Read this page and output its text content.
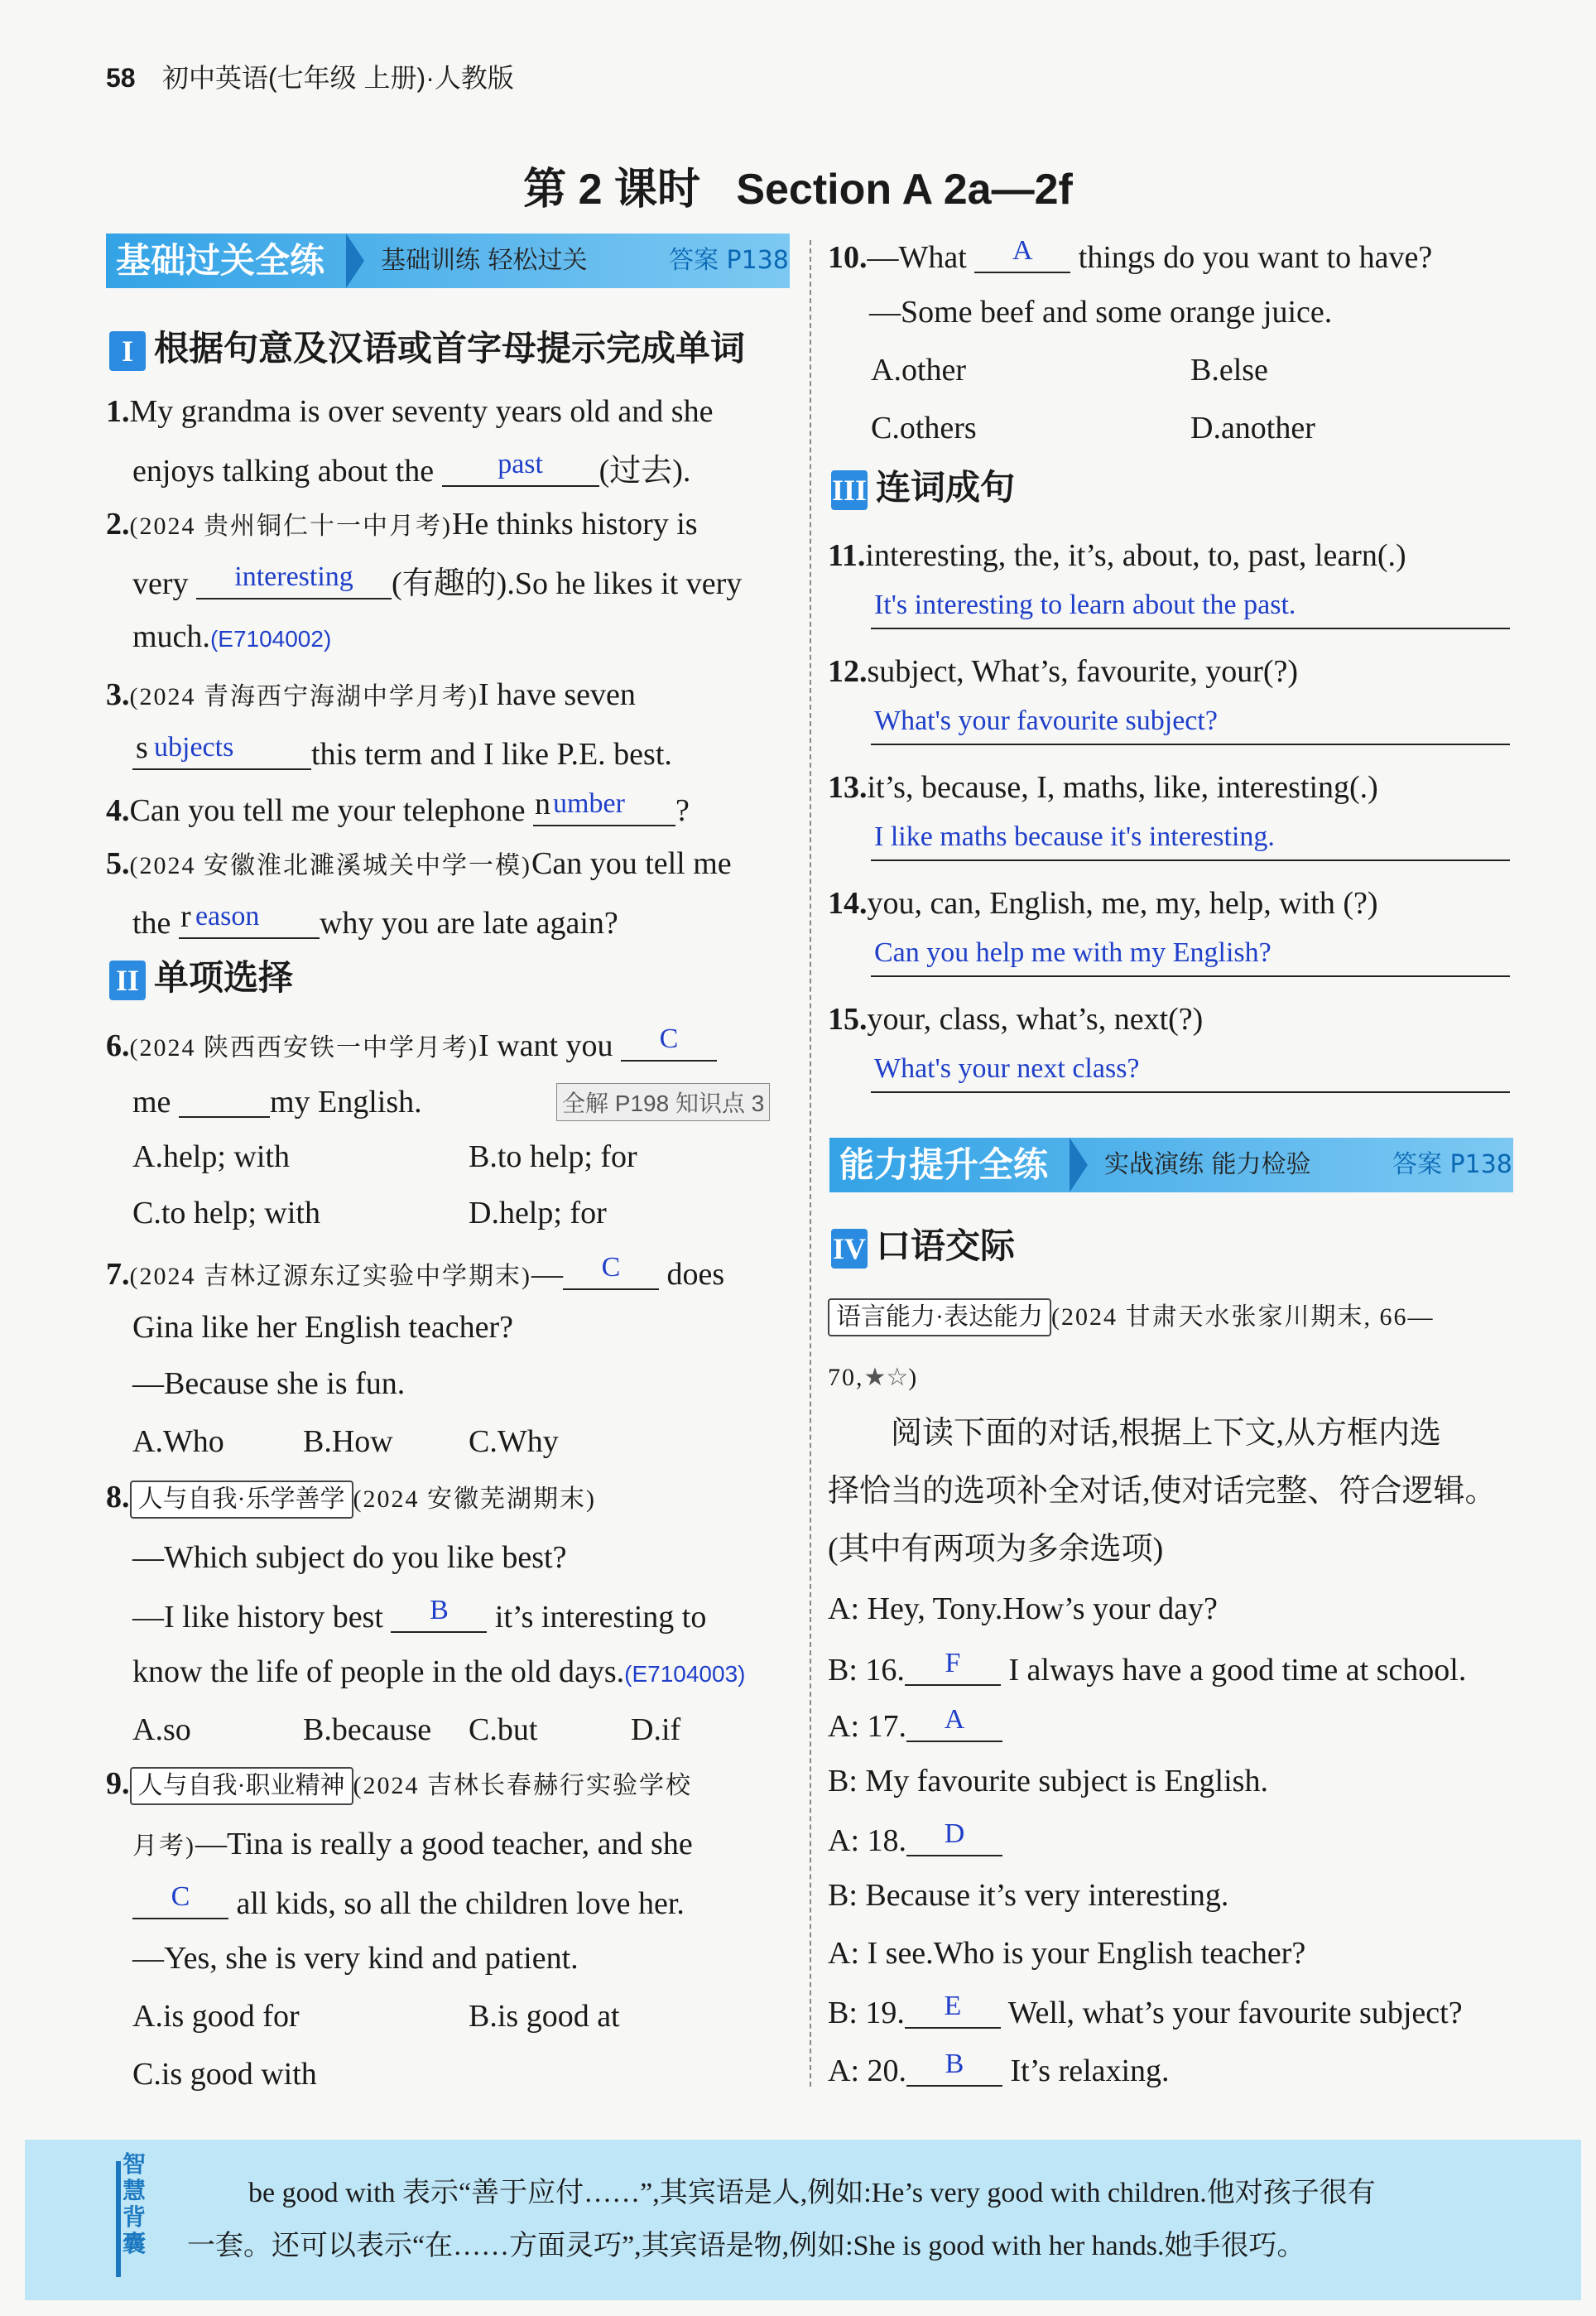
58 初中英语(七年级 上册)·人教版
第 2 课时   Section A 2a—2f
基础过关全练 基础训练 轻松过关	答案 P138
I 根据句意及汉语或首字母提示完成单词
1.My grandma is over seventy years old and she
enjoys talking about the	past	(过去).
2.(2024 贵州铜仁十一中月考)He thinks history is
very	interesting	(有趣的).So he likes it very
much.(E7104002)
3.(2024 青海西宁海湖中学月考)I have seven
s ubjects	this term and I like P.E. best.
4.Can you tell me your telephone n umber	?
5.(2024 安徽淮北濉溪城关中学一模)Can you tell me
the r eason	why you are late again?
II 单项选择
6.(2024 陕西西安铁一中学月考)I want you	C
me	my English.	全解 P198 知识点 3
A.help; with	B.to help; for
C.to help; with	D.help; for
7.(2024 吉林辽源东辽实验中学期末)—	C	does
Gina like her English teacher?
—Because she is fun.
A.Who	B.How C.Why
8. 人与自我·乐学善学 (2024 安徽芜湖期末)
—Which subject do you like best?
—I like history best	B	it’s interesting to
know the life of people in the old days.(E7104003)
A.so	B.because C.but	D.if
9. 人与自我·职业精神 (2024 吉林长春赫行实验学校
月考)—Tina is really a good teacher, and she
C	all kids, so all the children love her.
—Yes, she is very kind and patient.
A.is good for	B.is good at
C.is good with
10.—What	A	things do you want to have?
—Some beef and some orange juice.
A.other	B.else
C.others	D.another
III 连词成句
11.interesting, the, it’s, about, to, past, learn(.)
It's interesting to learn about the past.
12.subject, What’s, favourite, your(?)
What's your favourite subject?
13.it’s, because, I, maths, like, interesting(.)
I like maths because it's interesting.
14.you, can, English, me, my, help, with (?)
Can you help me with my English?
15.your, class, what’s, next(?)
What's your next class?
能力提升全练 实战演练 能力检验	答案 P138
IV 口语交际
语言能力·表达能力 (2024 甘肃天水张家川期末, 66—
70,★☆)
阅读下面的对话,根据上下文,从方框内选
择恰当的选项补全对话,使对话完整、符合逻辑。
(其中有两项为多余选项)
A: Hey, Tony.How’s your day?
B: 16.	F	I always have a good time at school.
A: 17.	A
B: My favourite subject is English.
A: 18.	D
B: Because it’s very interesting.
A: I see.Who is your English teacher?
B: 19.	E	Well, what’s your favourite subject?
A: 20.	B	It’s relaxing.
智慧背囊
be good with 表示“善于应付……”,其宾语是人,例如:He’s very good with children.他对孩子很有
一套。还可以表示“在……方面灵巧”,其宾语是物,例如:She is good with her hands.她手很巧。
